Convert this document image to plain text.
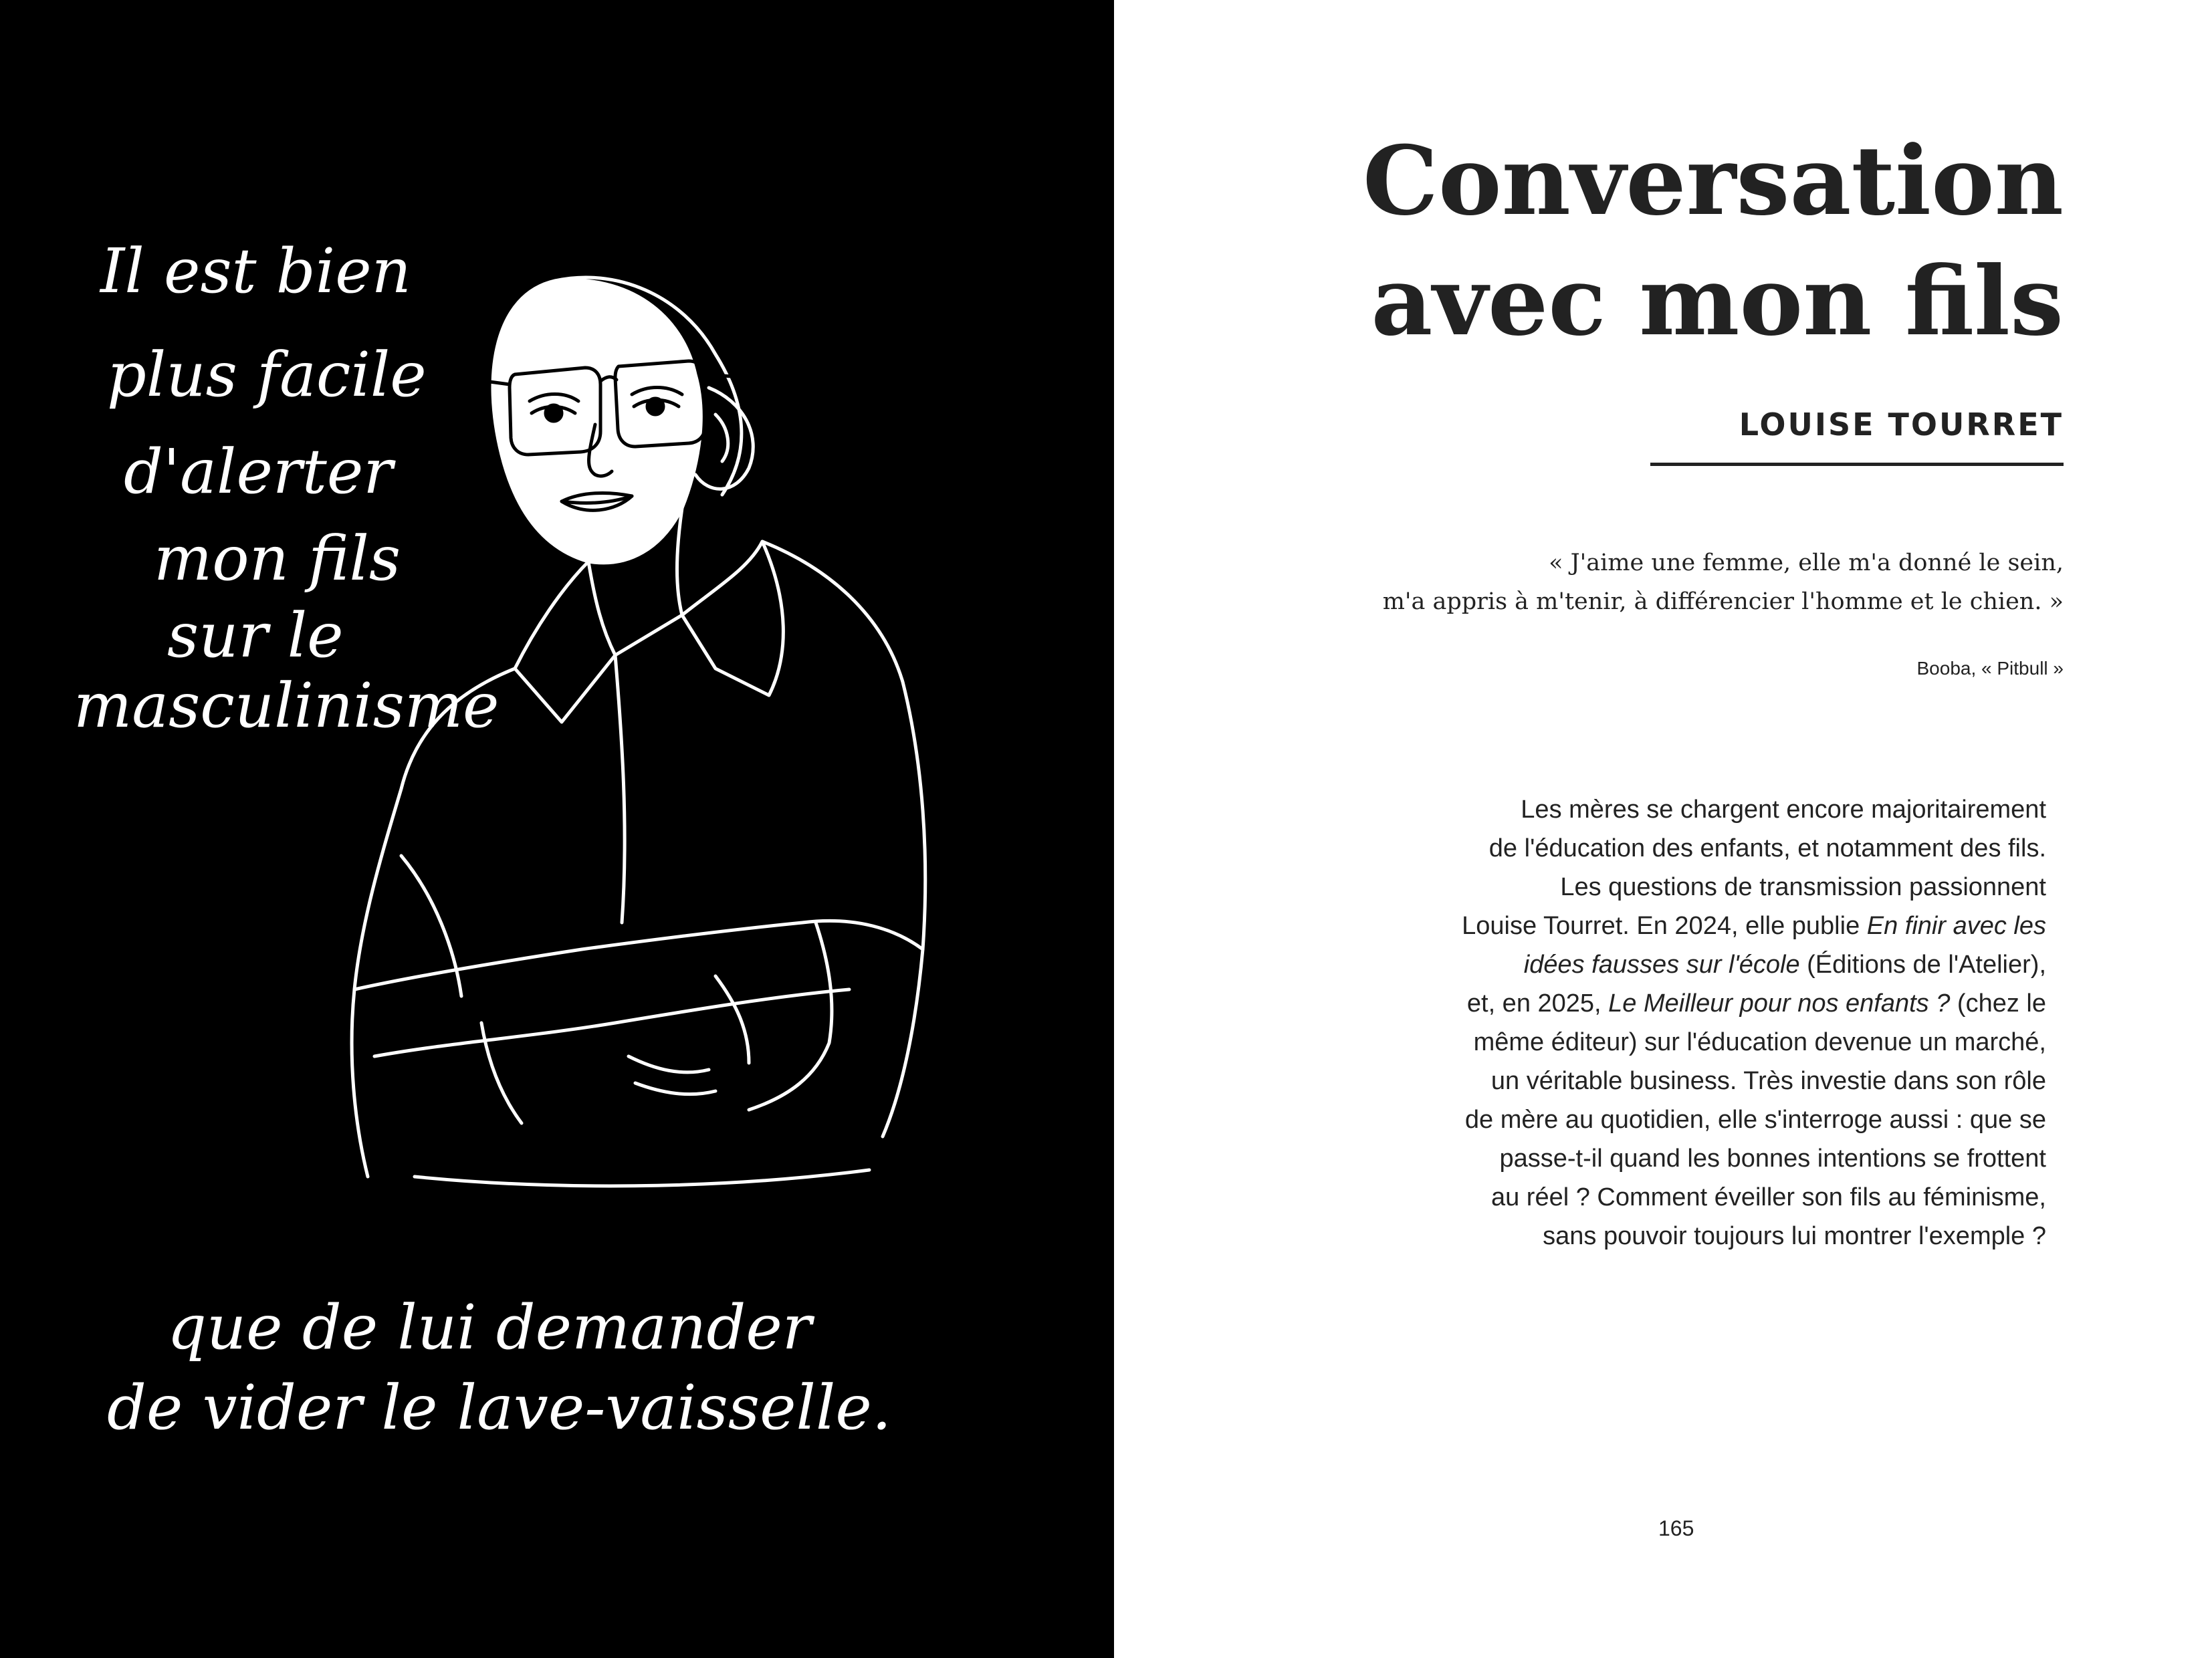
Il est bien
plus facile
d'alerter
mon fils
sur le
masculinisme
que de lui demander
de vider le lave-vaisselle.
Conversation
avec mon fils
LOUISE TOURRET
« J'aime une femme, elle m'a donné le sein,
m'a appris à m'tenir, à différencier l'homme et le chien. »
Booba, « Pitbull »
Les mères se chargent encore majoritairement
de l'éducation des enfants, et notamment des fils.
Les questions de transmission passionnent
Louise Tourret. En 2024, elle publie En finir avec les
idées fausses sur l'école (Éditions de l'Atelier),
et, en 2025, Le Meilleur pour nos enfants ? (chez le
même éditeur) sur l'éducation devenue un marché,
un véritable business. Très investie dans son rôle
de mère au quotidien, elle s'interroge aussi : que se
passe-t-il quand les bonnes intentions se frottent
au réel ? Comment éveiller son fils au féminisme,
sans pouvoir toujours lui montrer l'exemple ?
165
